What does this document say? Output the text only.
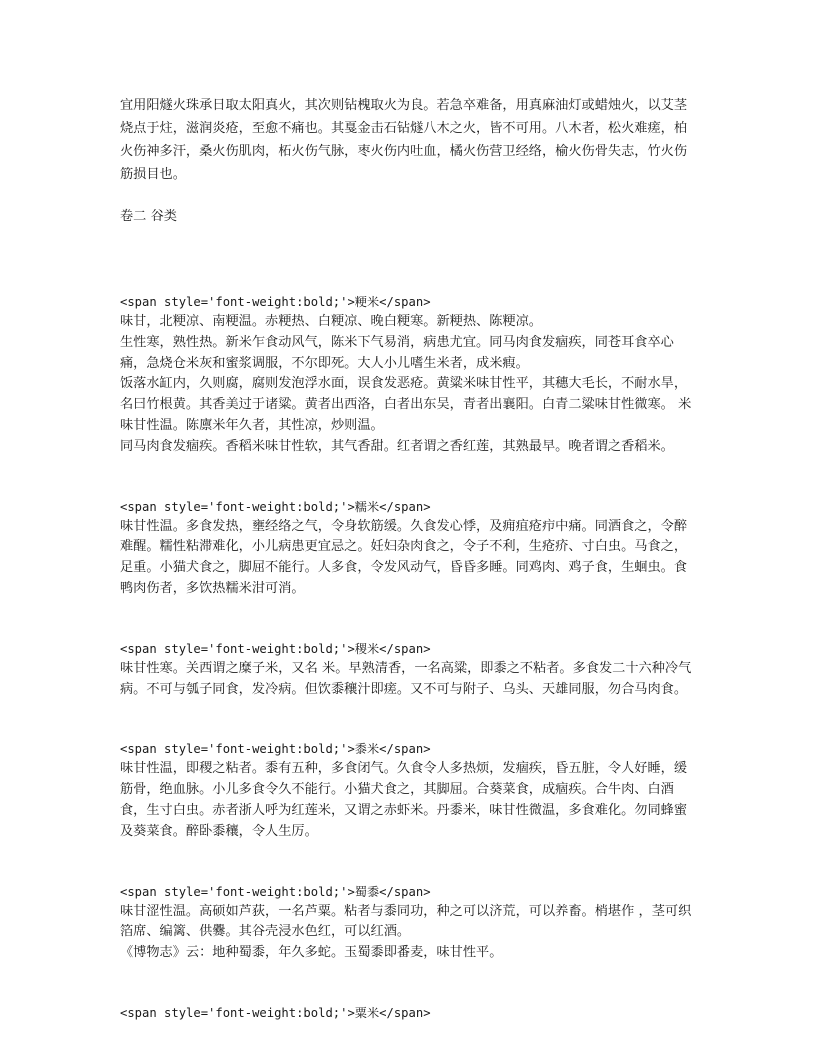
宜用阳燧火珠承日取太阳真火，其次则钻槐取火为良。若急卒难备，用真麻油灯或蜡烛火，以艾茎烧点于炷，滋润炎疮，至愈不痛也。其戛金击石钻燧八木之火，皆不可用。八木者，松火难瘥，柏火伤神多汗，桑火伤肌肉，柘火伤气脉，枣火伤内吐血，橘火伤营卫经络，榆火伤骨失志，竹火伤筋损目也。

卷二 谷类
<span style='font-weight:bold;'>粳米</span>

味甘，北粳凉、南粳温。赤粳热、白粳凉、晚白粳寒。新粳热、陈粳凉。

生性寒，熟性热。新米乍食动风气，陈米下气易消，病患尤宜。同马肉食发痼疾，同苍耳食卒心痛，急烧仓米灰和蜜浆调服，不尔即死。大人小儿嗜生米者，成米瘕。

饭落水缸内，久则腐，腐则发泡浮水面，误食发恶疮。黄粱米味甘性平，其穗大毛长，不耐水旱，名曰竹根黄。其香美过于诸粱。黄者出西洛，白者出东吴，青者出襄阳。白青二粱味甘性微寒。 米味甘性温。陈廪米年久者，其性凉，炒则温。

同马肉食发痼疾。香稻米味甘性软，其气香甜。红者谓之香红莲，其熟最早。晚者谓之香稻米。

<span style='font-weight:bold;'>糯米</span>

味甘性温。多食发热，壅经络之气，令身软筋缓。久食发心悸，及痈疽疮疖中痛。同酒食之，令醉难醒。糯性粘滞难化，小儿病患更宜忌之。妊妇杂肉食之，令子不利，生疮疥、寸白虫。马食之，足重。小猫犬食之，脚屈不能行。人多食，令发风动气，昏昏多睡。同鸡肉、鸡子食，生蛔虫。食鸭肉伤者，多饮热糯米泔可消。

<span style='font-weight:bold;'>稷米</span>

味甘性寒。关西谓之糜子米，又名 米。早熟清香，一名高粱，即黍之不粘者。多食发二十六种冷气病。不可与瓠子同食，发冷病。但饮黍穰汁即瘥。又不可与附子、乌头、天雄同服，勿合马肉食。

<span style='font-weight:bold;'>黍米</span>

味甘性温，即稷之粘者。黍有五种，多食闭气。久食令人多热烦，发痼疾，昏五脏，令人好睡，缓筋骨，绝血脉。小儿多食令久不能行。小猫犬食之，其脚屈。合葵菜食，成痼疾。合牛肉、白酒食，生寸白虫。赤者浙人呼为红莲米，又谓之赤虾米。丹黍米，味甘性微温，多食难化。勿同蜂蜜及葵菜食。醉卧黍穰，令人生厉。

<span style='font-weight:bold;'>蜀黍</span>

味甘涩性温。高硕如芦荻，一名芦粟。粘者与黍同功，种之可以济荒，可以养畜。梢堪作 ，茎可织箔席、编篱、供爨。其谷壳浸水色红，可以红酒。

《博物志》云：地种蜀黍，年久多蛇。玉蜀黍即番麦，味甘性平。

<span style='font-weight:bold;'>粟米</span>
